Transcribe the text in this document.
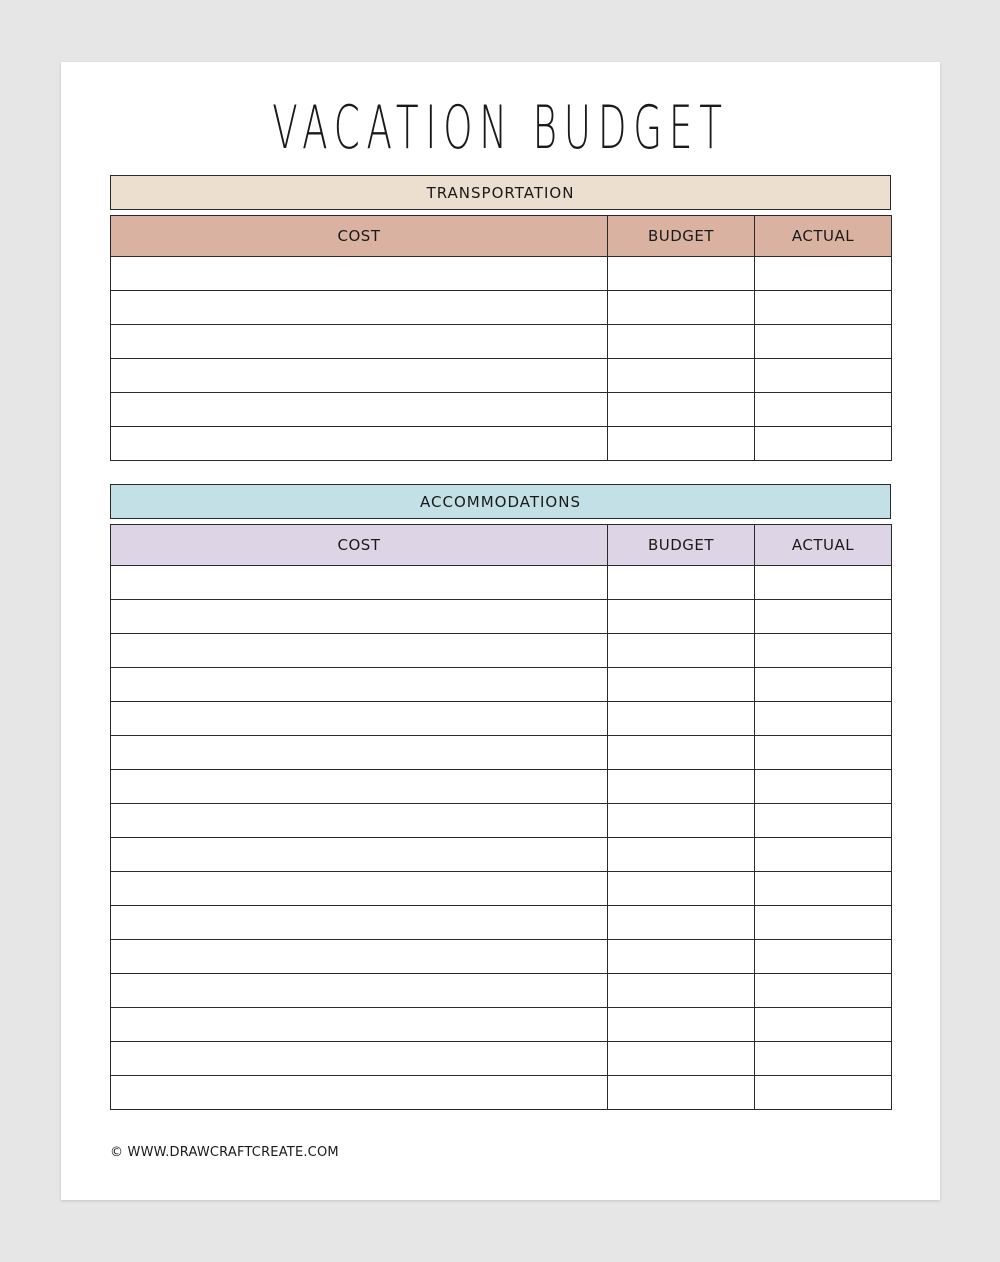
VACATION BUDGET
TRANSPORTATION
COST	BUDGET	ACTUAL

ACCOMMODATIONS
COST	BUDGET	ACTUAL

© WWW.DRAWCRAFTCREATE.COM
